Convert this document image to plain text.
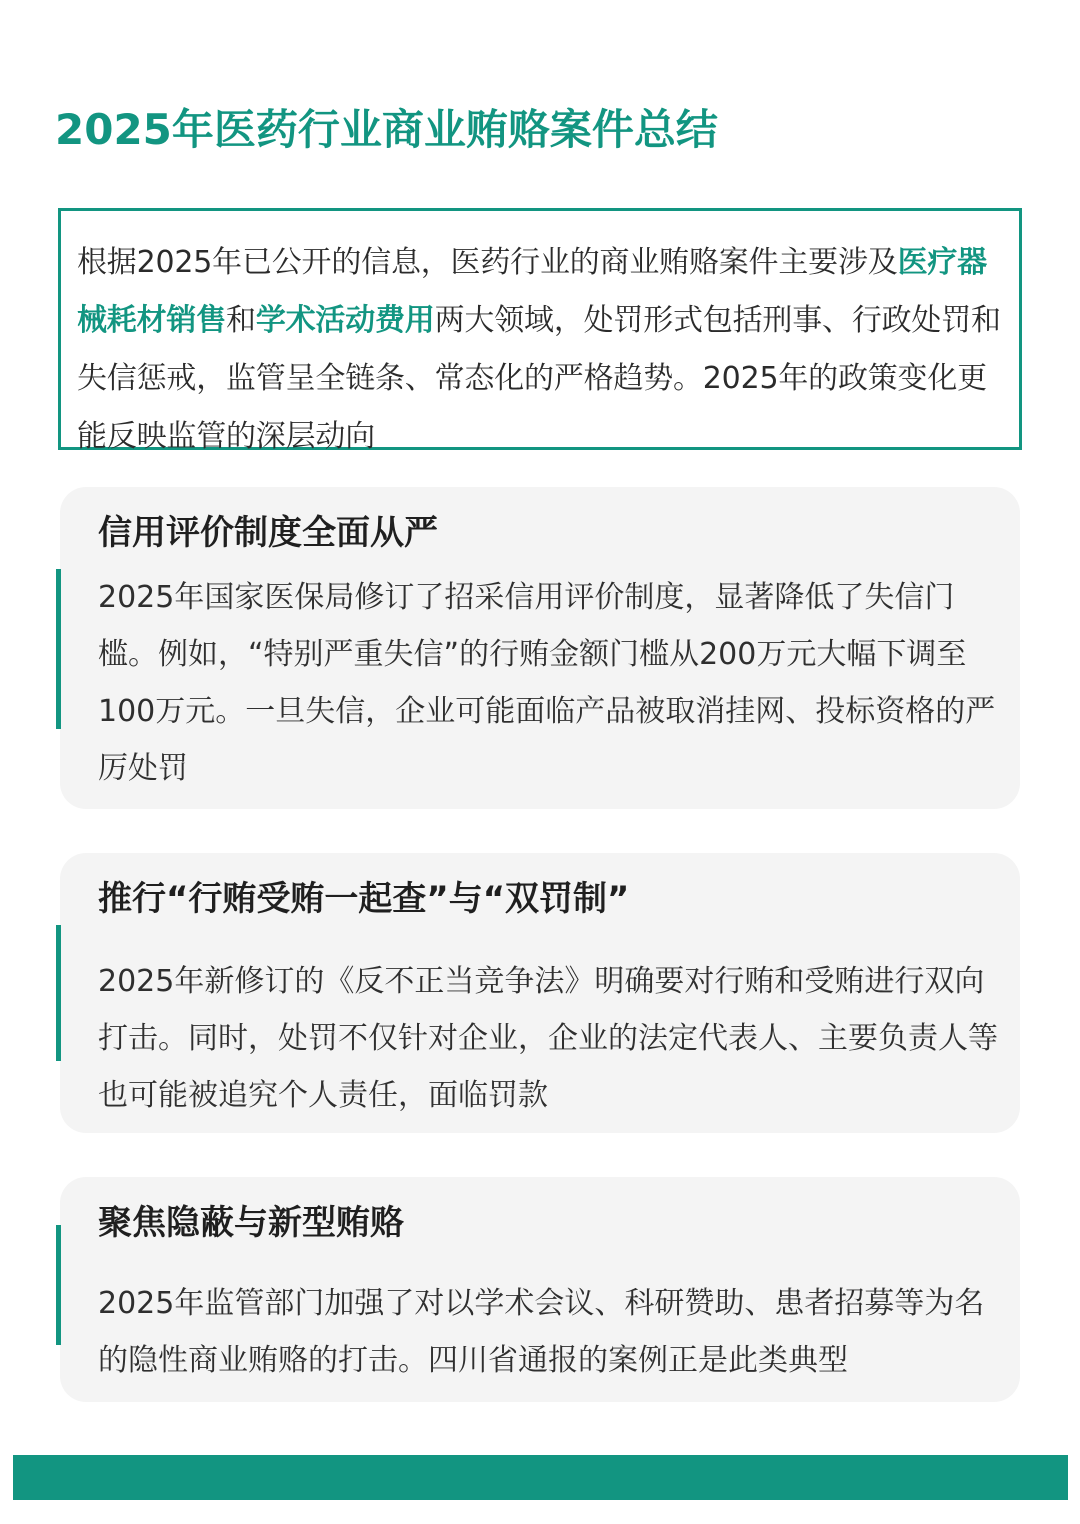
2025年医药行业商业贿赂案件总结

根据2025年已公开的信息，医药行业的商业贿赂案件主要涉及医疗器械耗材销售和学术活动费用两大领域，处罚形式包括刑事、行政处罚和失信惩戒，监管呈全链条、常态化的严格趋势。2025年的政策变化更能反映监管的深层动向

信用评价制度全面从严

2025年国家医保局修订了招采信用评价制度，显著降低了失信门槛。例如，“特别严重失信”的行贿金额门槛从200万元大幅下调至100万元。一旦失信，企业可能面临产品被取消挂网、投标资格的严厉处罚

推行“行贿受贿一起查”与“双罚制”

2025年新修订的《反不正当竞争法》明确要对行贿和受贿进行双向打击。同时，处罚不仅针对企业，企业的法定代表人、主要负责人等也可能被追究个人责任，面临罚款

聚焦隐蔽与新型贿赂

2025年监管部门加强了对以学术会议、科研赞助、患者招募等为名的隐性商业贿赂的打击。四川省通报的案例正是此类典型
